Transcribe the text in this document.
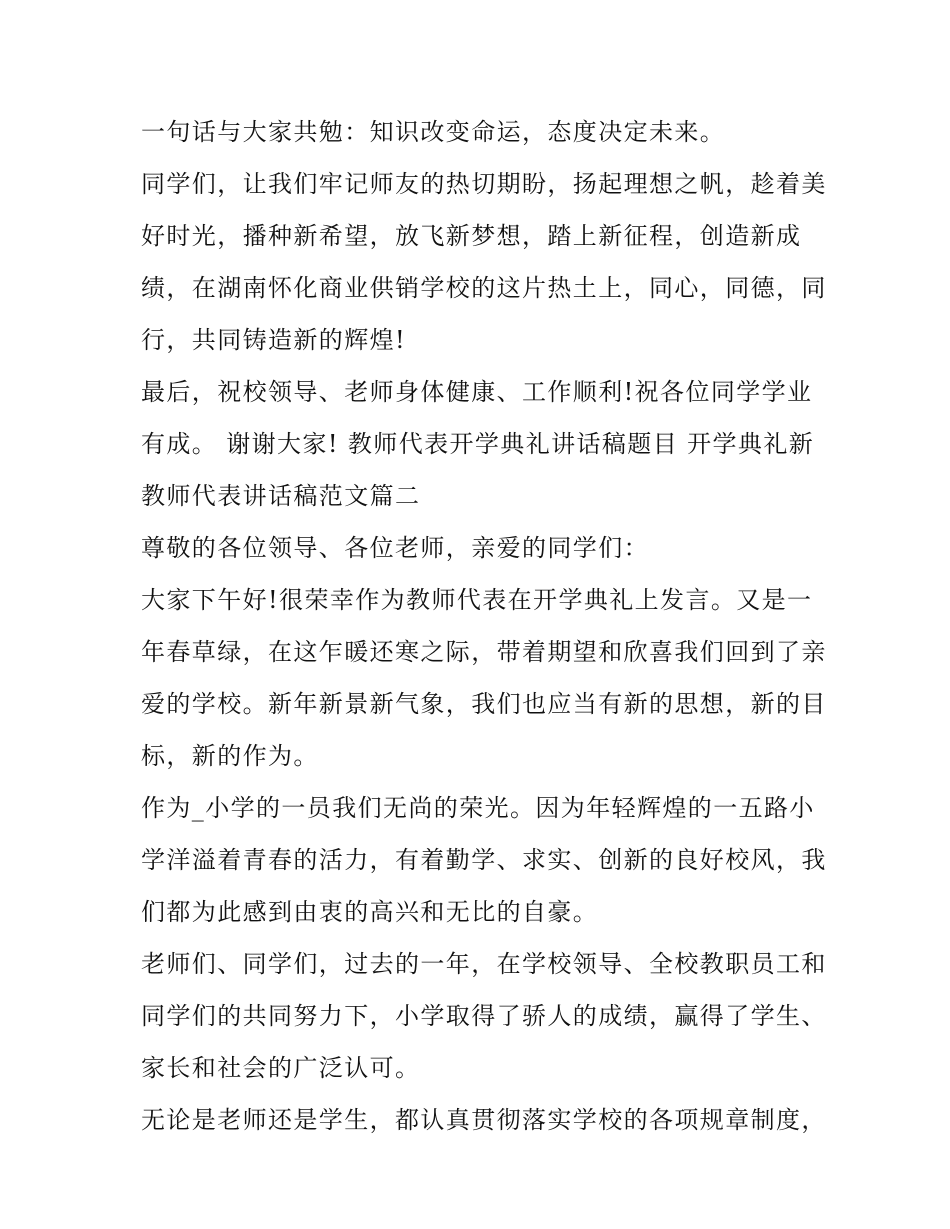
一句话与大家共勉：知识改变命运，态度决定未来。
同学们，让我们牢记师友的热切期盼，扬起理想之帆，趁着美
好时光，播种新希望，放飞新梦想，踏上新征程，创造新成
绩，在湖南怀化商业供销学校的这片热土上，同心，同德，同
行，共同铸造新的辉煌!
最后，祝校领导、老师身体健康、工作顺利!祝各位同学学业
有成。 谢谢大家! 教师代表开学典礼讲话稿题目 开学典礼新
教师代表讲话稿范文篇二
尊敬的各位领导、各位老师，亲爱的同学们：
大家下午好!很荣幸作为教师代表在开学典礼上发言。又是一
年春草绿，在这乍暖还寒之际，带着期望和欣喜我们回到了亲
爱的学校。新年新景新气象，我们也应当有新的思想，新的目
标，新的作为。
作为_小学的一员我们无尚的荣光。因为年轻辉煌的一五路小
学洋溢着青春的活力，有着勤学、求实、创新的良好校风，我
们都为此感到由衷的高兴和无比的自豪。
老师们、同学们，过去的一年，在学校领导、全校教职员工和
同学们的共同努力下，小学取得了骄人的成绩，赢得了学生、
家长和社会的广泛认可。
无论是老师还是学生，都认真贯彻落实学校的各项规章制度，
